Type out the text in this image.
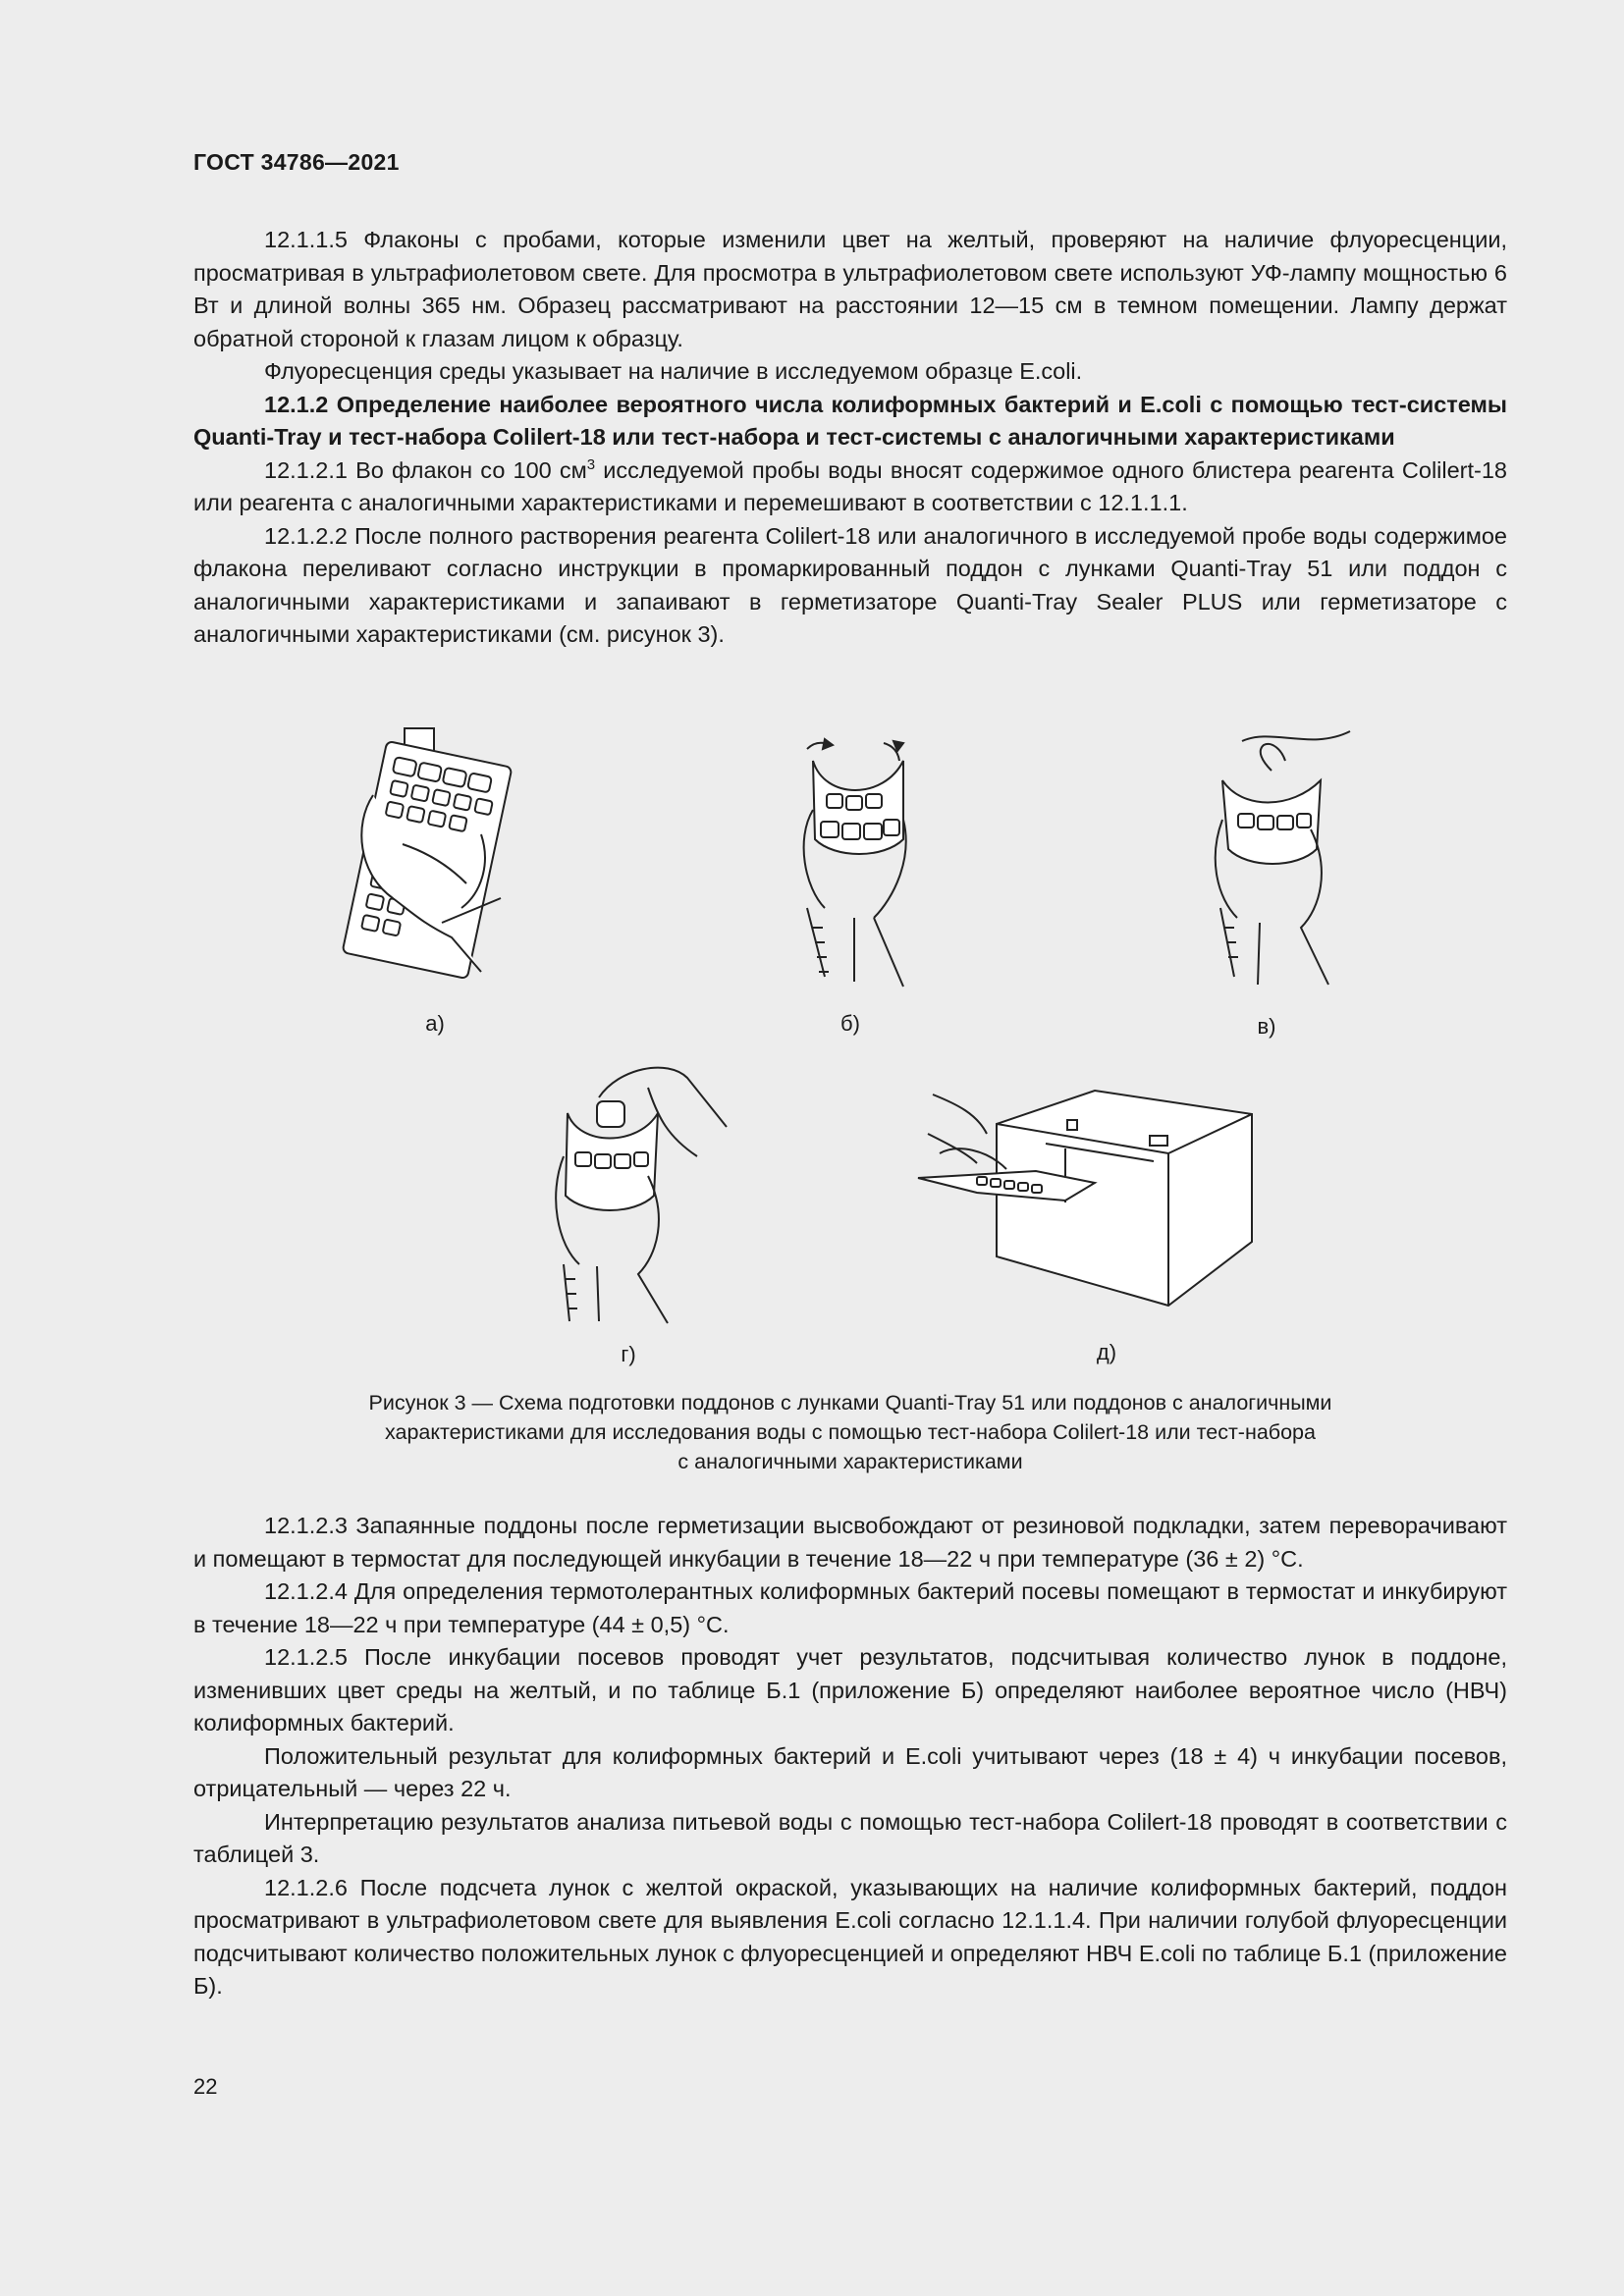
ГОСТ 34786—2021

12.1.1.5 Флаконы с пробами, которые изменили цвет на желтый, проверяют на наличие флуоресценции, просматривая в ультрафиолетовом свете. Для просмотра в ультрафиолетовом свете используют УФ-лампу мощностью 6 Вт и длиной волны 365 нм. Образец рассматривают на расстоянии 12—15 см в темном помещении. Лампу держат обратной стороной к глазам лицом к образцу.

Флуоресценция среды указывает на наличие в исследуемом образце E.coli.

12.1.2 Определение наиболее вероятного числа колиформных бактерий и E.coli с помощью тест-системы Quanti-Tray и тест-набора Colilert-18 или тест-набора и тест-системы с аналогичными характеристиками

12.1.2.1 Во флакон со 100 $см^3$ исследуемой пробы воды вносят содержимое одного блистера реагента Colilert-18 или реагента с аналогичными характеристиками и перемешивают в соответствии с 12.1.1.1.

12.1.2.2 После полного растворения реагента Colilert-18 или аналогичного в исследуемой пробе воды содержимое флакона переливают согласно инструкции в промаркированный поддон с лунками Quanti-Tray 51 или поддон с аналогичными характеристиками и запаивают в герметизаторе Quanti-Tray Sealer PLUS или герметизаторе с аналогичными характеристиками (см. рисунок 3).

а)	б)	в)
г)	д)
Рисунок 3 — Схема подготовки поддонов с лунками Quanti-Tray 51 или поддонов с аналогичными
характеристиками для исследования воды с помощью тест-набора Colilert-18 или тест-набора
с аналогичными характеристиками

12.1.2.3 Запаянные поддоны после герметизации высвобождают от резиновой подкладки, затем переворачивают и помещают в термостат для последующей инкубации в течение 18—22 ч при температуре (36 ± 2) °C.

12.1.2.4 Для определения термотолерантных колиформных бактерий посевы помещают в термостат и инкубируют в течение 18—22 ч при температуре (44 ± 0,5) °C.

12.1.2.5 После инкубации посевов проводят учет результатов, подсчитывая количество лунок в поддоне, изменивших цвет среды на желтый, и по таблице Б.1 (приложение Б) определяют наиболее вероятное число (НВЧ) колиформных бактерий.

Положительный результат для колиформных бактерий и E.coli учитывают через (18 ± 4) ч инкубации посевов, отрицательный — через 22 ч.

Интерпретацию результатов анализа питьевой воды с помощью тест-набора Colilert-18 проводят в соответствии с таблицей 3.

12.1.2.6 После подсчета лунок с желтой окраской, указывающих на наличие колиформных бактерий, поддон просматривают в ультрафиолетовом свете для выявления E.coli согласно 12.1.1.4. При наличии голубой флуоресценции подсчитывают количество положительных лунок с флуоресценцией и определяют НВЧ E.coli по таблице Б.1 (приложение Б).

22
